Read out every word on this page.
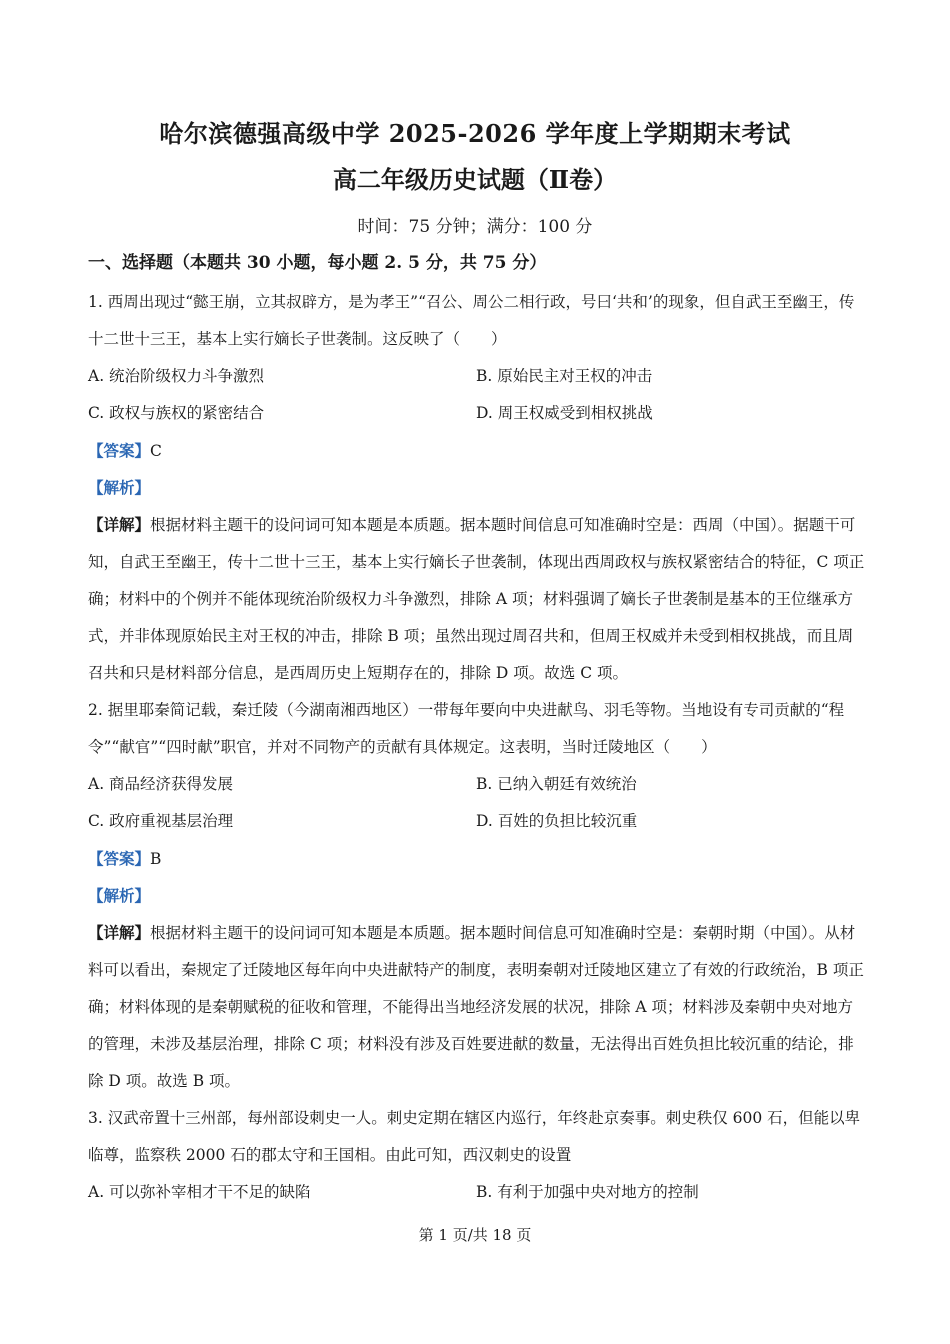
哈尔滨德强高级中学 2025-2026 学年度上学期期末考试
高二年级历史试题（Ⅱ卷）
时间：75 分钟；满分：100 分
一、选择题（本题共 30 小题，每小题 2. 5 分，共 75 分）

1. 西周出现过“懿王崩，立其叔辟方，是为孝王”“召公、周公二相行政，号曰‘共和’的现象，但自武王至幽王，传十二世十三王，基本上实行嫡长子世袭制。这反映了（　　）

A. 统治阶级权力斗争激烈	B. 原始民主对王权的冲击
C. 政权与族权的紧密结合	D. 周王权威受到相权挑战
【答案】C
【解析】

【详解】根据材料主题干的设问词可知本题是本质题。据本题时间信息可知准确时空是：西周（中国）。据题干可知，自武王至幽王，传十二世十三王，基本上实行嫡长子世袭制，体现出西周政权与族权紧密结合的特征，C 项正确；材料中的个例并不能体现统治阶级权力斗争激烈，排除 A 项；材料强调了嫡长子世袭制是基本的王位继承方式，并非体现原始民主对王权的冲击，排除 B 项；虽然出现过周召共和，但周王权威并未受到相权挑战，而且周召共和只是材料部分信息，是西周历史上短期存在的，排除 D 项。故选 C 项。

2. 据里耶秦简记载，秦迁陵（今湖南湘西地区）一带每年要向中央进献鸟、羽毛等物。当地设有专司贡献的“程令”“献官”“四时献”职官，并对不同物产的贡献有具体规定。这表明，当时迁陵地区（　　）

A. 商品经济获得发展	B. 已纳入朝廷有效统治
C. 政府重视基层治理	D. 百姓的负担比较沉重
【答案】B
【解析】

【详解】根据材料主题干的设问词可知本题是本质题。据本题时间信息可知准确时空是：秦朝时期（中国）。从材料可以看出，秦规定了迁陵地区每年向中央进献特产的制度，表明秦朝对迁陵地区建立了有效的行政统治，B 项正确；材料体现的是秦朝赋税的征收和管理，不能得出当地经济发展的状况，排除 A 项；材料涉及秦朝中央对地方的管理，未涉及基层治理，排除 C 项；材料没有涉及百姓要进献的数量，无法得出百姓负担比较沉重的结论，排除 D 项。故选 B 项。

3. 汉武帝置十三州部，每州部设刺史一人。刺史定期在辖区内巡行，年终赴京奏事。刺史秩仅 600 石，但能以卑临尊，监察秩 2000 石的郡太守和王国相。由此可知，西汉刺史的设置

A. 可以弥补宰相才干不足的缺陷	B. 有利于加强中央对地方的控制
第 1 页/共 18 页
